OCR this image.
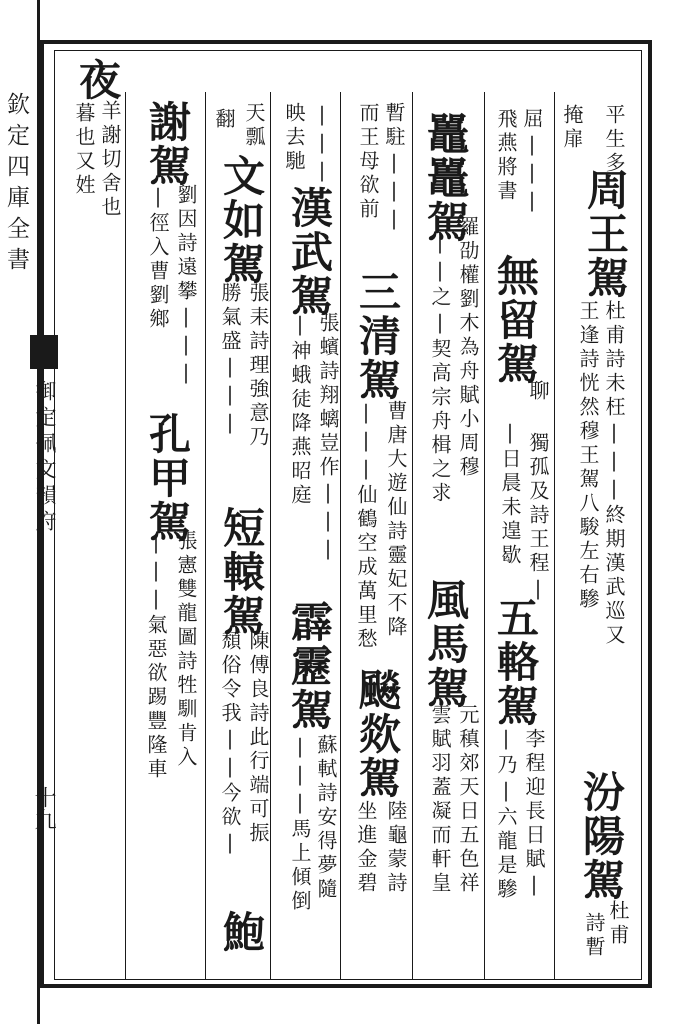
欽定四庫全書
御定佩文韻府
十九
夜
羊謝切舍也
暮也又姓	平生多
周王駕
杜甫詩未枉|||終期漢武巡又
王逢詩恍然穆王駕八駿左右驂
掩扉
汾陽駕
杜甫
詩暫
屈|||
無留駕
聊 獨孤及詩王程|
飛燕將書
五輅駕
李程迎長日賦|
|乃|六龍是驂
|日晨未遑歇
鼉鼉駕
羅劭權劉木為舟賦小周穆
||之|契高宗舟楫之求
風馬駕
元稹郊天日五色祥
雲賦羽蓋凝而軒皇
暫駐|||
三清駕
曹唐大遊仙詩靈妃不降
|||仙鶴空成萬里愁
而王母欲前
飈欻駕
陸龜蒙詩
坐進金碧
|||
漢武駕
張蠙詩翔螭豈作|||
|神蛾徒降燕昭庭
映去馳
霹靂駕
蘇軾詩安得夢隨
|||馬上傾倒
天瓢
文如駕
張耒詩理強意乃
勝氣盛|||
短轅駕
陳傅良詩此行端可振
頹俗令我||今欲|
鮑
翻
謝駕
劉因詩遠攀|||
|徑入曹劉鄉
孔甲駕
張憲雙龍圖詩牲馴肯入
|||氣惡欲踢豐隆車
